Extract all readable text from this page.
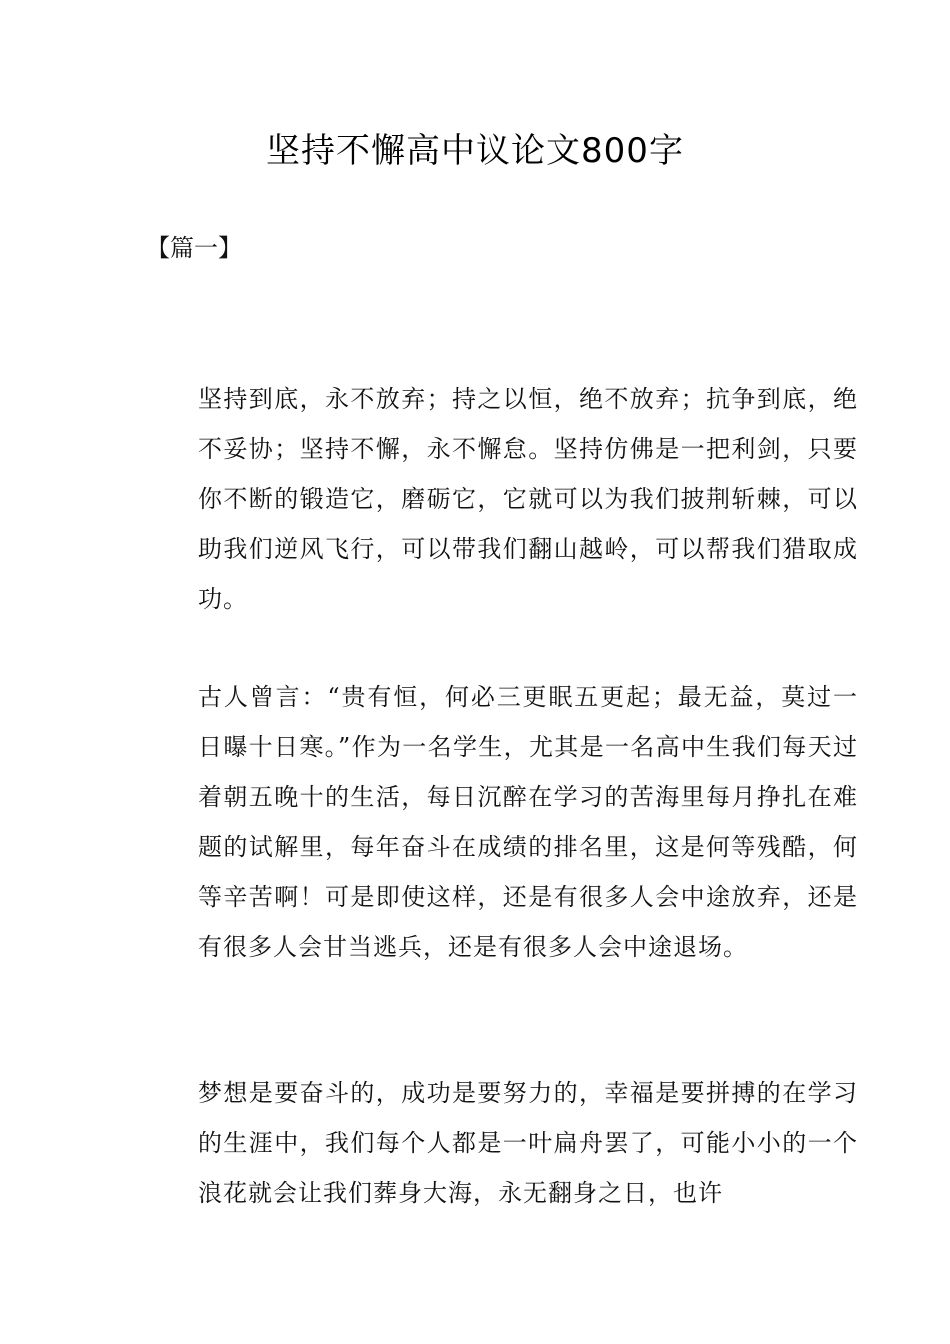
坚持不懈高中议论文800字
【篇一】

坚持到底，永不放弃；持之以恒，绝不放弃；抗争到底，绝不妥协；坚持不懈，永不懈怠。坚持仿佛是一把利剑，只要你不断的锻造它，磨砺它，它就可以为我们披荆斩棘，可以助我们逆风飞行，可以带我们翻山越岭，可以帮我们猎取成功。

古人曾言：“贵有恒，何必三更眠五更起；最无益，莫过一日曝十日寒。”作为一名学生，尤其是一名高中生我们每天过着朝五晚十的生活，每日沉醉在学习的苦海里每月挣扎在难题的试解里，每年奋斗在成绩的排名里，这是何等残酷，何等辛苦啊！可是即使这样，还是有很多人会中途放弃，还是有很多人会甘当逃兵，还是有很多人会中途退场。

梦想是要奋斗的，成功是要努力的，幸福是要拼搏的在学习的生涯中，我们每个人都是一叶扁舟罢了，可能小小的一个浪花就会让我们葬身大海，永无翻身之日，也许
